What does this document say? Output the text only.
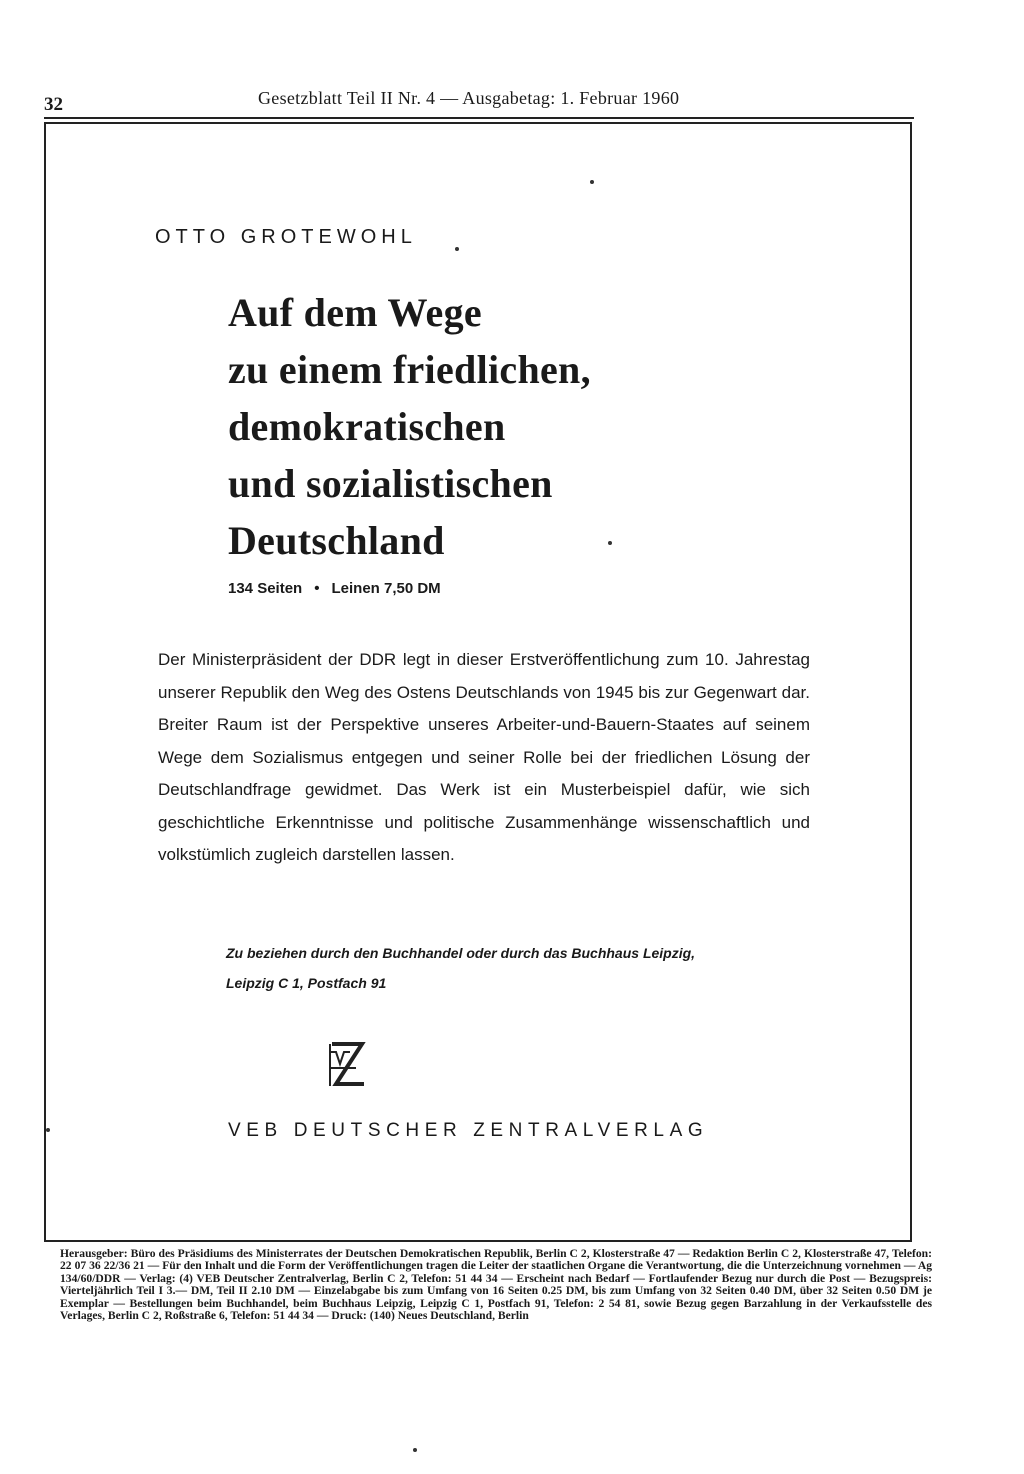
32	Gesetzblatt Teil II Nr. 4 — Ausgabetag: 1. Februar 1960
OTTO GROTEWOHL
Auf dem Wege
zu einem friedlichen,
demokratischen
und sozialistischen
Deutschland
134 Seiten • Leinen 7,50 DM
Der Ministerpräsident der DDR legt in dieser Erstveröffentlichung zum 10. Jahrestag unserer Republik den Weg des Ostens Deutschlands von 1945 bis zur Gegenwart dar. Breiter Raum ist der Perspektive unseres Arbeiter-und-Bauern-Staates auf seinem Wege dem Sozialismus entgegen und seiner Rolle bei der friedlichen Lösung der Deutschlandfrage gewidmet. Das Werk ist ein Musterbeispiel dafür, wie sich geschichtliche Erkenntnisse und politische Zusammenhänge wissenschaftlich und volkstümlich zugleich darstellen lassen.
Zu beziehen durch den Buchhandel oder durch das Buchhaus Leipzig,
Leipzig C 1, Postfach 91
VEB DEUTSCHER ZENTRALVERLAG
Herausgeber: Büro des Präsidiums des Ministerrates der Deutschen Demokratischen Republik, Berlin C 2, Klosterstraße 47 — Redaktion Berlin C 2, Klosterstraße 47, Telefon: 22 07 36 22/36 21 — Für den Inhalt und die Form der Veröffentlichungen tragen die Leiter der staatlichen Organe die Verantwortung, die die Unterzeichnung vornehmen — Ag 134/60/DDR — Verlag: (4) VEB Deutscher Zentralverlag, Berlin C 2, Telefon: 51 44 34 — Erscheint nach Bedarf — Fortlaufender Bezug nur durch die Post — Bezugspreis: Vierteljährlich Teil I 3.— DM, Teil II 2.10 DM — Einzelabgabe bis zum Umfang von 16 Seiten 0.25 DM, bis zum Umfang von 32 Seiten 0.40 DM, über 32 Seiten 0.50 DM je Exemplar — Bestellungen beim Buchhandel, beim Buchhaus Leipzig, Leipzig C 1, Postfach 91, Telefon: 2 54 81, sowie Bezug gegen Barzahlung in der Verkaufsstelle des Verlages, Berlin C 2, Roßstraße 6, Telefon: 51 44 34 — Druck: (140) Neues Deutschland, Berlin
